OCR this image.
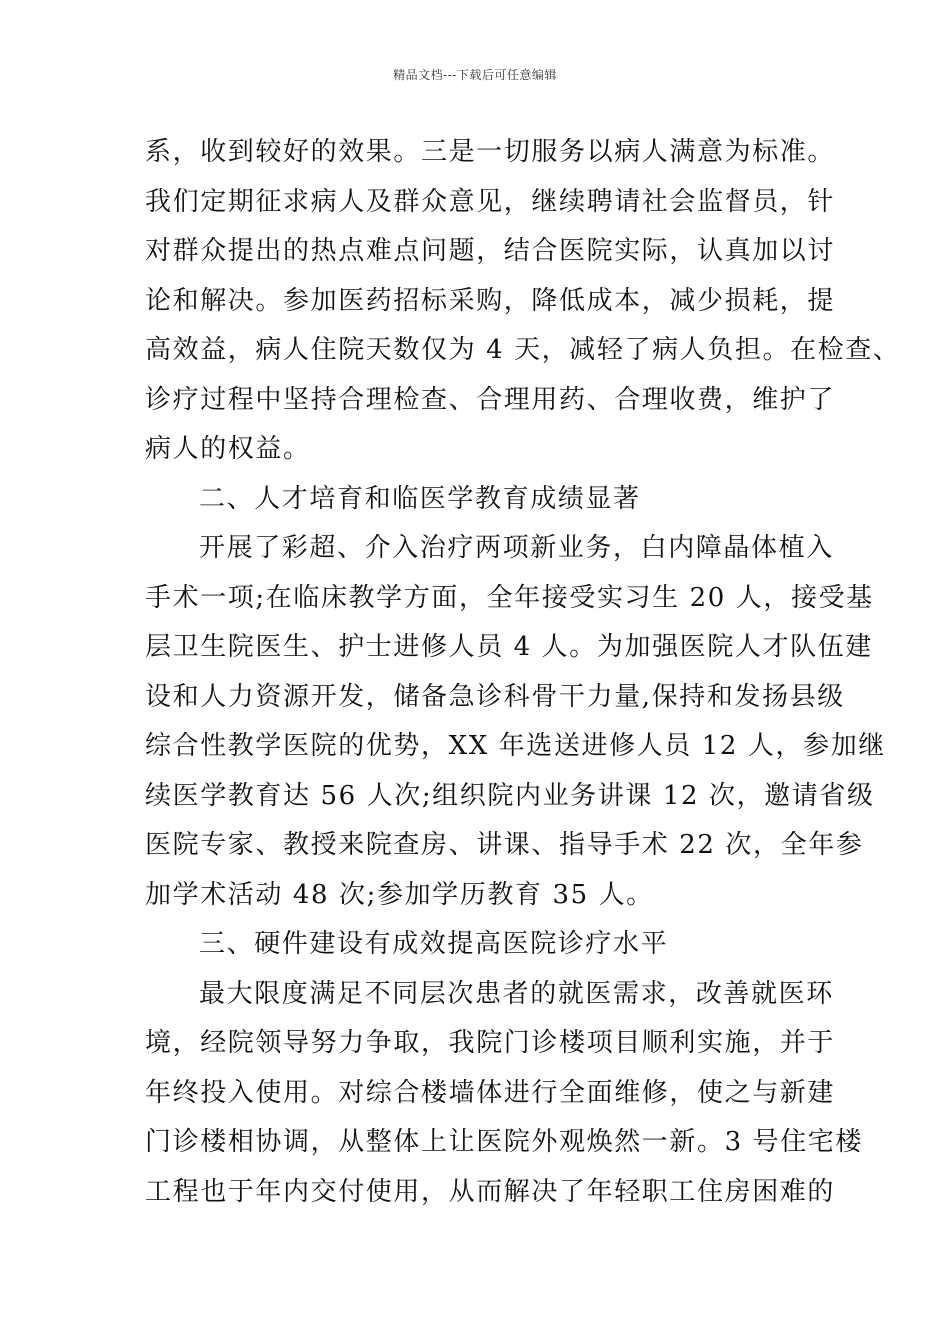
精品文档---下载后可任意编辑
系，收到较好的效果。三是一切服务以病人满意为标准。
我们定期征求病人及群众意见，继续聘请社会监督员，针
对群众提出的热点难点问题，结合医院实际，认真加以讨
论和解决。参加医药招标采购，降低成本，减少损耗，提
高效益，病人住院天数仅为 4 天，减轻了病人负担。在检查、
诊疗过程中坚持合理检查、合理用药、合理收费，维护了
病人的权益。
二、人才培育和临医学教育成绩显著
开展了彩超、介入治疗两项新业务，白内障晶体植入
手术一项;在临床教学方面，全年接受实习生 20 人，接受基
层卫生院医生、护士进修人员 4 人。为加强医院人才队伍建
设和人力资源开发，储备急诊科骨干力量,保持和发扬县级
综合性教学医院的优势，XX 年选送进修人员 12 人，参加继
续医学教育达 56 人次;组织院内业务讲课 12 次，邀请省级
医院专家、教授来院查房、讲课、指导手术 22 次，全年参
加学术活动 48 次;参加学历教育 35 人。
三、硬件建设有成效提高医院诊疗水平
最大限度满足不同层次患者的就医需求，改善就医环
境，经院领导努力争取，我院门诊楼项目顺利实施，并于
年终投入使用。对综合楼墙体进行全面维修，使之与新建
门诊楼相协调，从整体上让医院外观焕然一新。3 号住宅楼
工程也于年内交付使用，从而解决了年轻职工住房困难的
